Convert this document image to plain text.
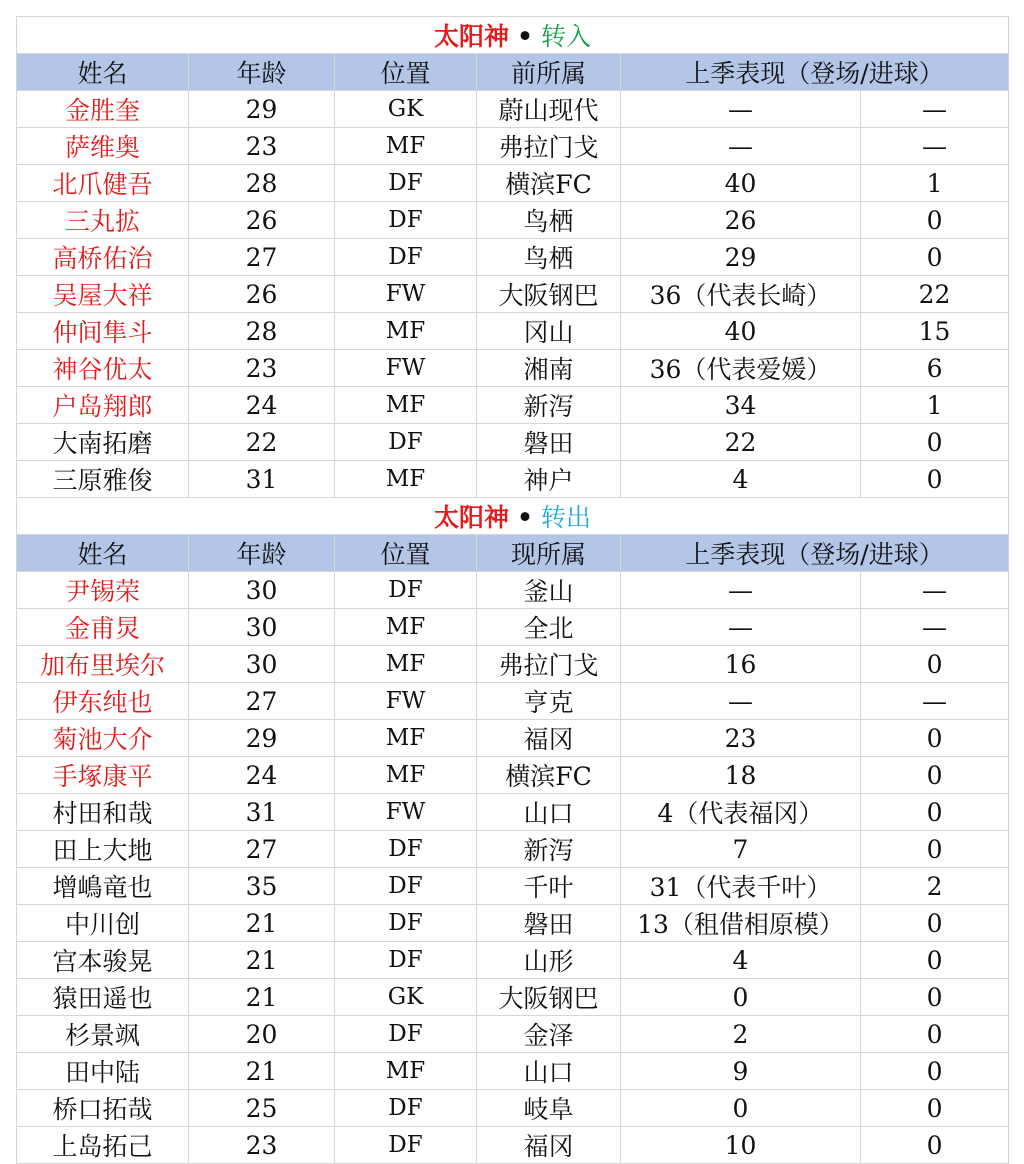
太阳神 • 转入					
姓名	年龄	位置	前所属	上季表现（登场/进球）	
金胜奎	29	GK	蔚山现代	—	—
萨维奥	23	MF	弗拉门戈	—	—
北爪健吾	28	DF	横滨FC	40	1
三丸拡	26	DF	鸟栖	26	0
高桥佑治	27	DF	鸟栖	29	0
吴屋大祥	26	FW	大阪钢巴	36（代表长崎）	22
仲间隼斗	28	MF	冈山	40	15
神谷优太	23	FW	湘南	36（代表爱媛）	6
户岛翔郎	24	MF	新泻	34	1
大南拓磨	22	DF	磐田	22	0
三原雅俊	31	MF	神户	4	0
太阳神 • 转出					
姓名	年龄	位置	现所属	上季表现（登场/进球）	
尹锡荣	30	DF	釜山	—	—
金甫炅	30	MF	全北	—	—
加布里埃尔	30	MF	弗拉门戈	16	0
伊东纯也	27	FW	亨克	—	—
菊池大介	29	MF	福冈	23	0
手塚康平	24	MF	横滨FC	18	0
村田和哉	31	FW	山口	4（代表福冈）	0
田上大地	27	DF	新泻	7	0
增嶋竜也	35	DF	千叶	31（代表千叶）	2
中川创	21	DF	磐田	13（租借相原模）	0
宫本骏晃	21	DF	山形	4	0
猿田遥也	21	GK	大阪钢巴	0	0
杉景飒	20	DF	金泽	2	0
田中陆	21	MF	山口	9	0
桥口拓哉	25	DF	岐阜	0	0
上岛拓己	23	DF	福冈	10	0
